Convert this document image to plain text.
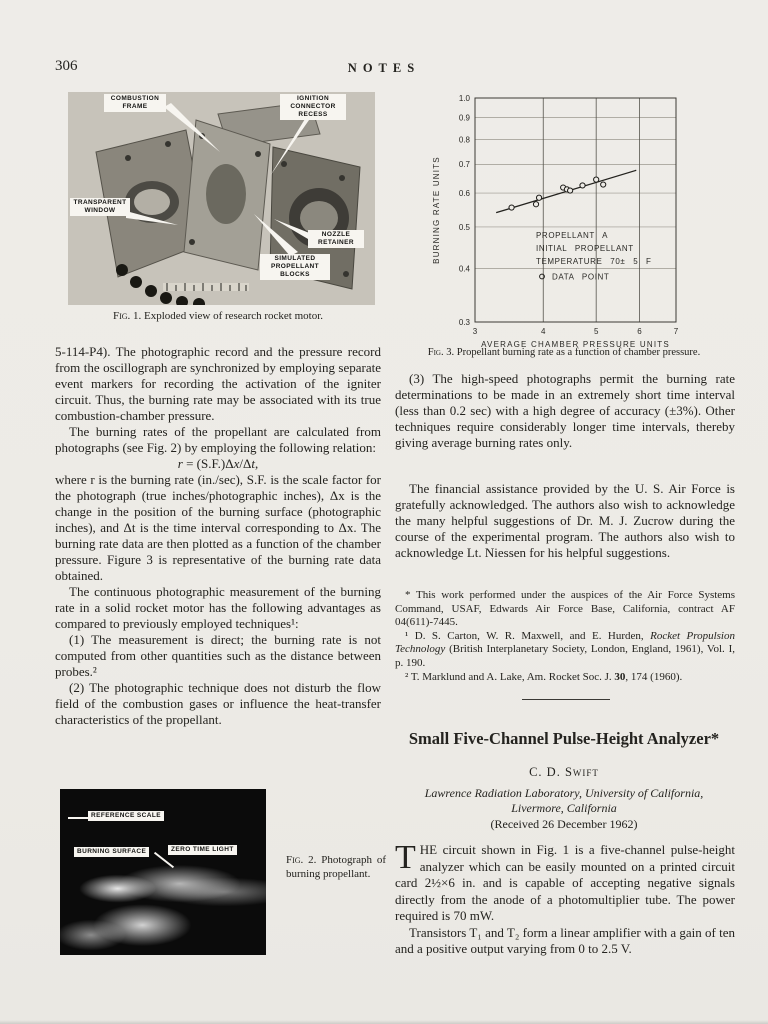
306	NOTES
COMBUSTION FRAME
IGNITION CONNECTOR RECESS
TRANSPARENT WINDOW
NOZZLE RETAINER
SIMULATED PROPELLANT BLOCKS
Fig. 1. Exploded view of research rocket motor.

5-114-P4). The photographic record and the pressure record from the oscillograph are synchronized by employing separate event markers for recording the activation of the igniter circuit. Thus, the burning rate may be associated with its true combustion-chamber pressure.

The burning rates of the propellant are calculated from photographs (see Fig. 2) by employing the following relation:

r = (S.F.)Δx/Δt,

where r is the burning rate (in./sec), S.F. is the scale factor for the photograph (true inches/photographic inches), Δx is the change in the position of the burning surface (photographic inches), and Δt is the time interval corresponding to Δx. The burning rate data are then plotted as a function of the chamber pressure. Figure 3 is representative of the burning rate data obtained.

The continuous photographic measurement of the burning rate in a solid rocket motor has the following advantages as compared to previously employed techniques¹:

(1) The measurement is direct; the burning rate is not computed from other quantities such as the distance between probes.²

(2) The photographic technique does not disturb the flow field of the combustion gases or influence the heat-transfer characteristics of the propellant.

REFERENCE SCALE
BURNING SURFACE	ZERO TIME LIGHT
Fig. 2. Photograph of burning propellant.
0.3
0.4
0.5
0.6
0.7
0.8
0.9
1.0
3	4	5	6	7
PROPELLANT A
INITIAL PROPELLANT
TEMPERATURE 70± 5 F
DATA POINT
BURNING RATE UNITS
AVERAGE CHAMBER PRESSURE UNITS
Fig. 3. Propellant burning rate as a function of chamber pressure.

(3) The high-speed photographs permit the burning rate determinations to be made in an extremely short time interval (less than 0.2 sec) with a high degree of accuracy (±3%). Other techniques require considerably longer time intervals, thereby giving average burning rates only.

The financial assistance provided by the U. S. Air Force is gratefully acknowledged. The authors also wish to acknowledge the many helpful suggestions of Dr. M. J. Zucrow during the course of the experimental program. The authors also wish to acknowledge Lt. Niessen for his helpful suggestions.

* This work performed under the auspices of the Air Force Systems Command, USAF, Edwards Air Force Base, California, contract AF 04(611)-7445.

¹ D. S. Carton, W. R. Maxwell, and E. Hurden, Rocket Propulsion Technology (British Interplanetary Society, London, England, 1961), Vol. I, p. 190.

² T. Marklund and A. Lake, Am. Rocket Soc. J. 30, 174 (1960).

Small Five-Channel Pulse-Height Analyzer*
C. D. Swift
Lawrence Radiation Laboratory, University of California,
Livermore, California
(Received 26 December 1962)

THE circuit shown in Fig. 1 is a five-channel pulse-height analyzer which can be easily mounted on a printed circuit card 2½×6 in. and is capable of accepting negative signals directly from the anode of a photomultiplier tube. The power required is 70 mW.

Transistors T₁ and T₂ form a linear amplifier with a gain of ten and a positive output varying from 0 to 2.5 V.
